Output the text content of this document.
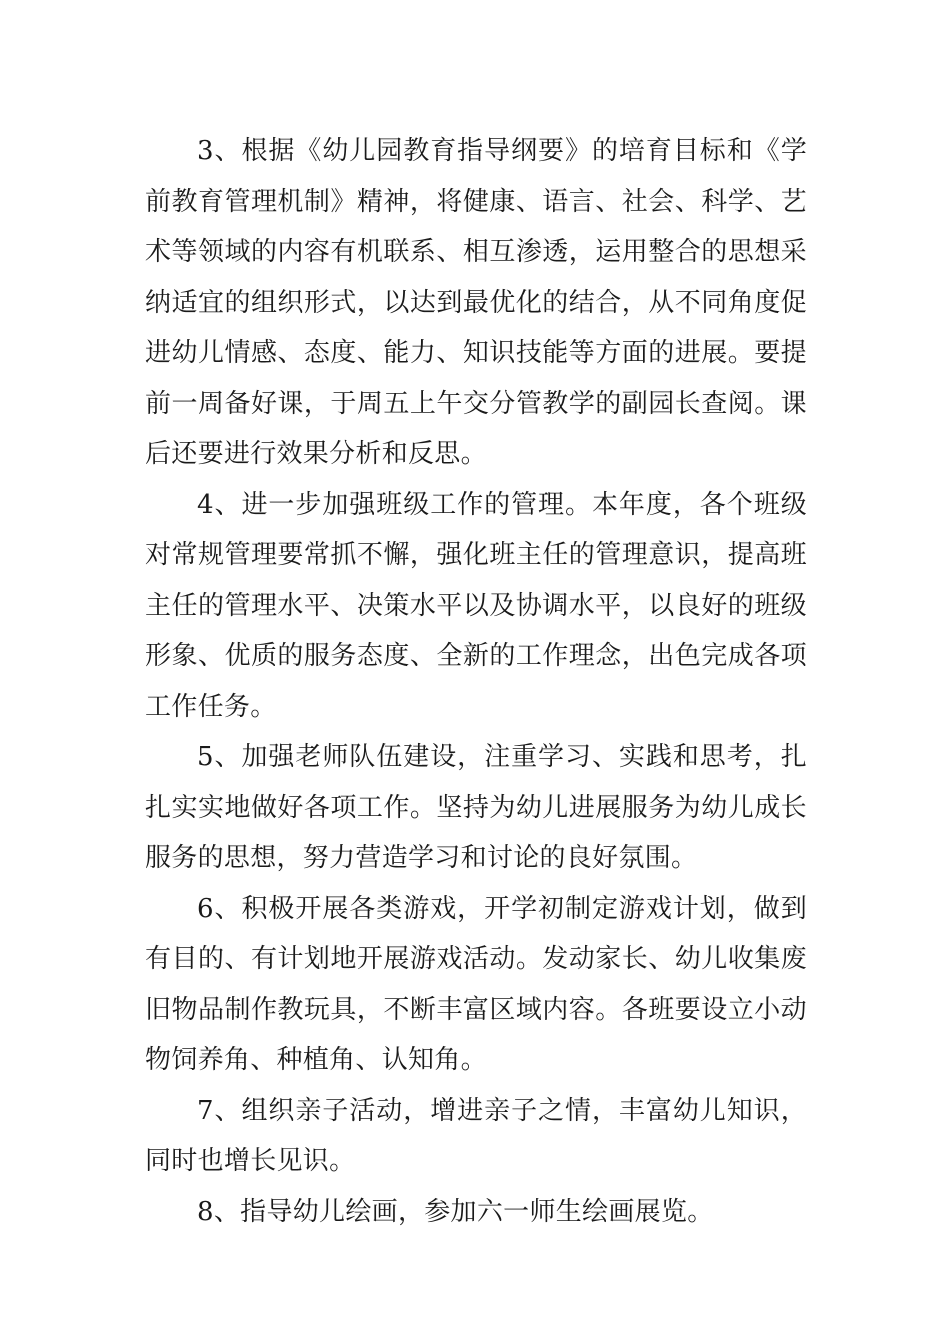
3、根据《幼儿园教育指导纲要》的培育目标和《学前教育管理机制》精神，将健康、语言、社会、科学、艺术等领域的内容有机联系、相互渗透，运用整合的思想采纳适宜的组织形式，以达到最优化的结合，从不同角度促进幼儿情感、态度、能力、知识技能等方面的进展。要提前一周备好课，于周五上午交分管教学的副园长查阅。课后还要进行效果分析和反思。

4、进一步加强班级工作的管理。本年度，各个班级对常规管理要常抓不懈，强化班主任的管理意识，提高班主任的管理水平、决策水平以及协调水平，以良好的班级形象、优质的服务态度、全新的工作理念，出色完成各项工作任务。

5、加强老师队伍建设，注重学习、实践和思考，扎扎实实地做好各项工作。坚持为幼儿进展服务为幼儿成长服务的思想，努力营造学习和讨论的良好氛围。

6、积极开展各类游戏，开学初制定游戏计划，做到有目的、有计划地开展游戏活动。发动家长、幼儿收集废旧物品制作教玩具，不断丰富区域内容。各班要设立小动物饲养角、种植角、认知角。

7、组织亲子活动，增进亲子之情，丰富幼儿知识，同时也增长见识。

8、指导幼儿绘画，参加六一师生绘画展览。
